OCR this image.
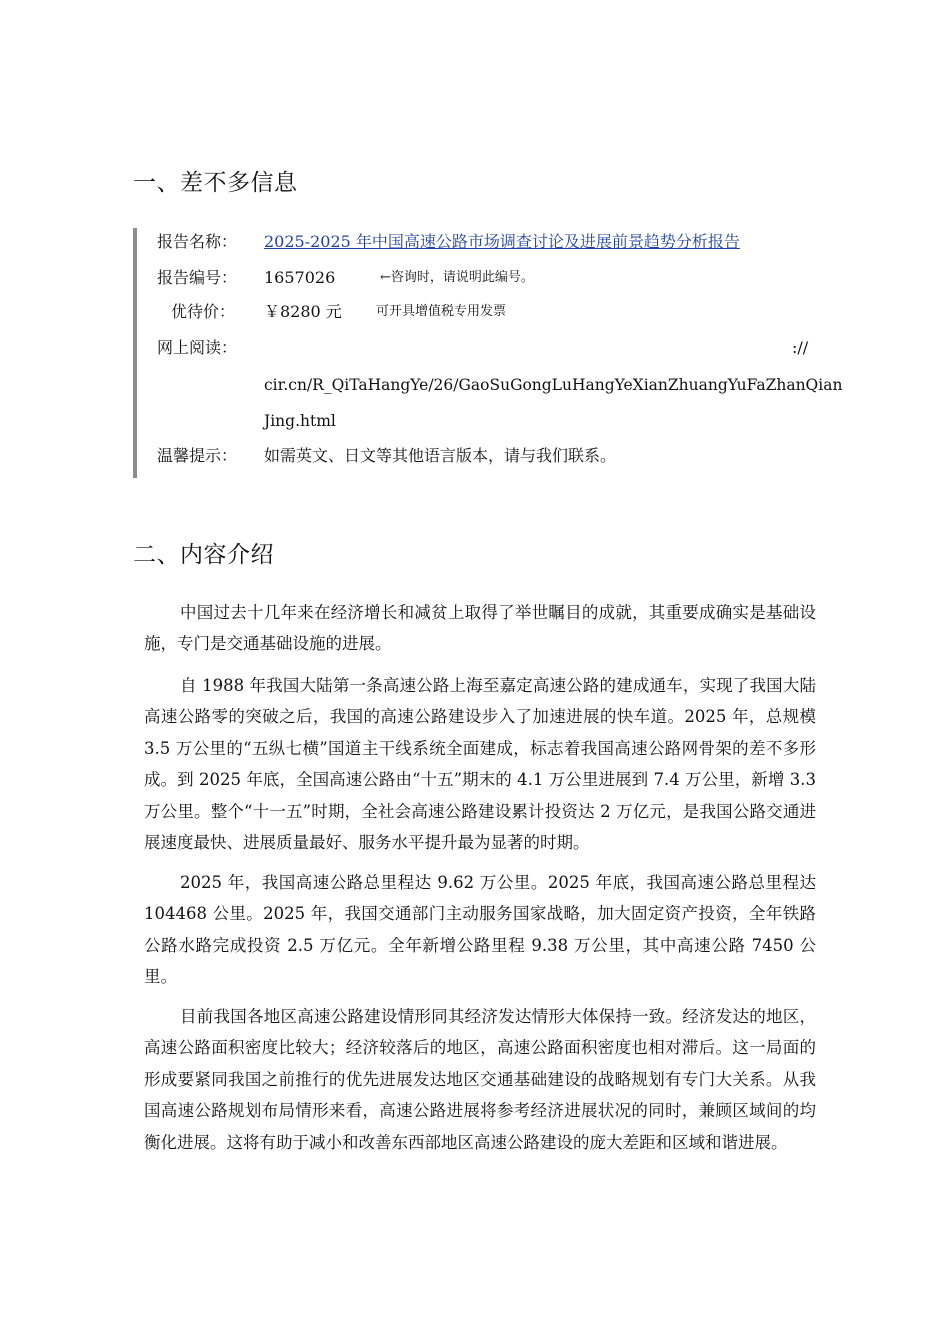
一、差不多信息
报告名称：	2025-2025 年中国高速公路市场调查讨论及进展前景趋势分析报告
报告编号：	1657026	←咨询时，请说明此编号。
优待价： ￥8280 元	可开具增值税专用发票
网上阅读：	://
cir.cn/R_QiTaHangYe/26/GaoSuGongLuHangYeXianZhuangYuFaZhanQian
Jing.html
温馨提示：	如需英文、日文等其他语言版本，请与我们联系。
二、内容介绍

中国过去十几年来在经济增长和减贫上取得了举世瞩目的成就，其重要成确实是基础设施，专门是交通基础设施的进展。

自 1988 年我国大陆第一条高速公路上海至嘉定高速公路的建成通车，实现了我国大陆高速公路零的突破之后，我国的高速公路建设步入了加速进展的快车道。2025 年，总规模 3.5 万公里的“五纵七横”国道主干线系统全面建成，标志着我国高速公路网骨架的差不多形成。到 2025 年底，全国高速公路由“十五”期末的 4.1 万公里进展到 7.4 万公里，新增 3.3 万公里。整个“十一五”时期，全社会高速公路建设累计投资达 2 万亿元，是我国公路交通进展速度最快、进展质量最好、服务水平提升最为显著的时期。

2025 年，我国高速公路总里程达 9.62 万公里。2025 年底，我国高速公路总里程达 104468 公里。2025 年，我国交通部门主动服务国家战略，加大固定资产投资，全年铁路公路水路完成投资 2.5 万亿元。全年新增公路里程 9.38 万公里，其中高速公路 7450 公里。

目前我国各地区高速公路建设情形同其经济发达情形大体保持一致。经济发达的地区，高速公路面积密度比较大；经济较落后的地区，高速公路面积密度也相对滞后。这一局面的形成要紧同我国之前推行的优先进展发达地区交通基础建设的战略规划有专门大关系。从我国高速公路规划布局情形来看，高速公路进展将参考经济进展状况的同时，兼顾区域间的均衡化进展。这将有助于减小和改善东西部地区高速公路建设的庞大差距和区域和谐进展。
